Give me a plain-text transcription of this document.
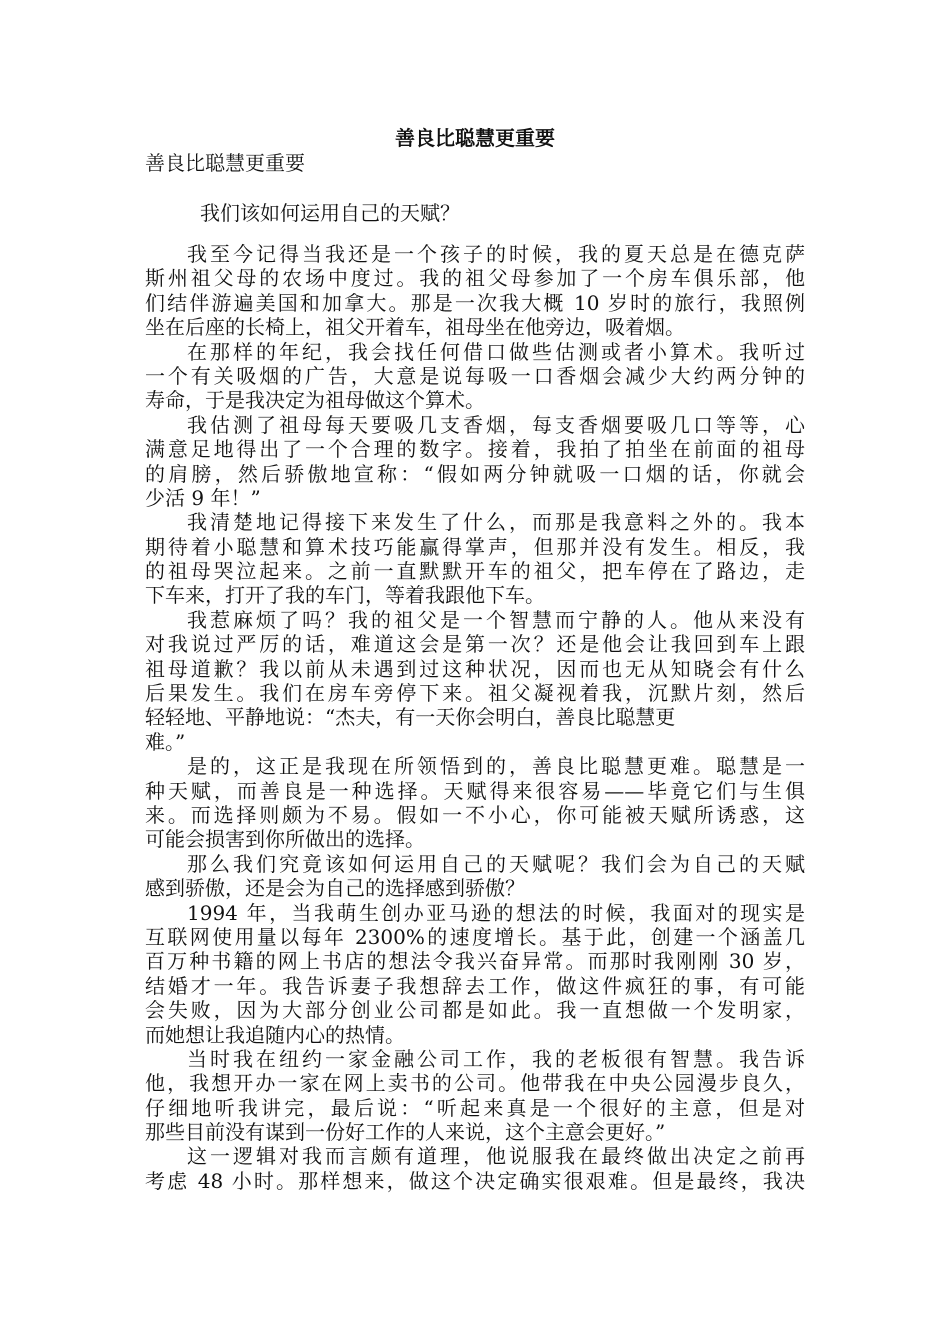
善良比聪慧更重要
善良比聪慧更重要
我们该如何运用自己的天赋？
我至今记得当我还是一个孩子的时候，我的夏天总是在德克萨
斯州祖父母的农场中度过。我的祖父母参加了一个房车俱乐部，他
们结伴游遍美国和加拿大。那是一次我大概 10 岁时的旅行，我照例
坐在后座的长椅上，祖父开着车，祖母坐在他旁边，吸着烟。
在那样的年纪，我会找任何借口做些估测或者小算术。我听过
一个有关吸烟的广告，大意是说每吸一口香烟会减少大约两分钟的
寿命，于是我决定为祖母做这个算术。
我估测了祖母每天要吸几支香烟，每支香烟要吸几口等等，心
满意足地得出了一个合理的数字。接着，我拍了拍坐在前面的祖母
的肩膀，然后骄傲地宣称：“假如两分钟就吸一口烟的话，你就会
少活 9 年！”
我清楚地记得接下来发生了什么，而那是我意料之外的。我本
期待着小聪慧和算术技巧能赢得掌声，但那并没有发生。相反，我
的祖母哭泣起来。之前一直默默开车的祖父，把车停在了路边，走
下车来，打开了我的车门，等着我跟他下车。
我惹麻烦了吗？我的祖父是一个智慧而宁静的人。他从来没有
对我说过严厉的话，难道这会是第一次？还是他会让我回到车上跟
祖母道歉？我以前从未遇到过这种状况，因而也无从知晓会有什么
后果发生。我们在房车旁停下来。祖父凝视着我，沉默片刻，然后
轻轻地、平静地说：“杰夫，有一天你会明白，善良比聪慧更
难。”
是的，这正是我现在所领悟到的，善良比聪慧更难。聪慧是一
种天赋，而善良是一种选择。天赋得来很容易——毕竟它们与生俱
来。而选择则颇为不易。假如一不小心，你可能被天赋所诱惑，这
可能会损害到你所做出的选择。
那么我们究竟该如何运用自己的天赋呢？我们会为自己的天赋
感到骄傲，还是会为自己的选择感到骄傲？
1994 年，当我萌生创办亚马逊的想法的时候，我面对的现实是
互联网使用量以每年 2300%的速度增长。基于此，创建一个涵盖几
百万种书籍的网上书店的想法令我兴奋异常。而那时我刚刚 30 岁，
结婚才一年。我告诉妻子我想辞去工作，做这件疯狂的事，有可能
会失败，因为大部分创业公司都是如此。我一直想做一个发明家，
而她想让我追随内心的热情。
当时我在纽约一家金融公司工作，我的老板很有智慧。我告诉
他，我想开办一家在网上卖书的公司。他带我在中央公园漫步良久，
仔细地听我讲完，最后说：“听起来真是一个很好的主意，但是对
那些目前没有谋到一份好工作的人来说，这个主意会更好。”
这一逻辑对我而言颇有道理，他说服我在最终做出决定之前再
考虑 48 小时。那样想来，做这个决定确实很艰难。但是最终，我决
